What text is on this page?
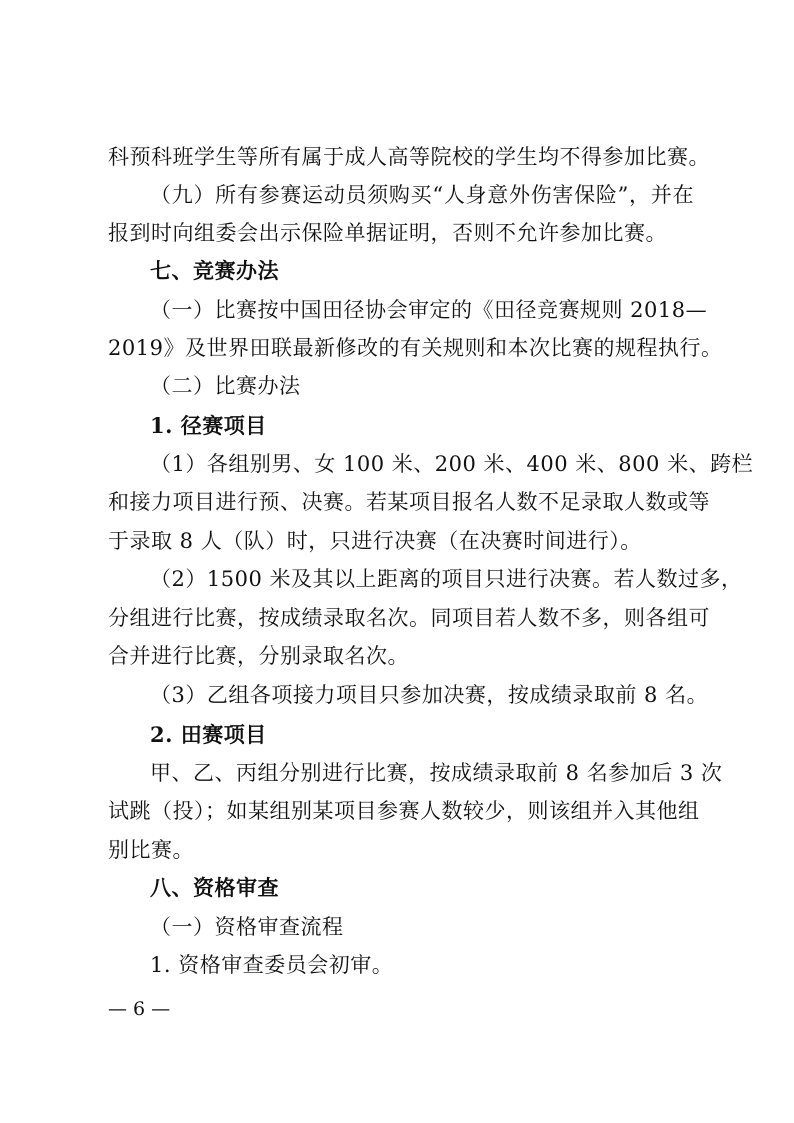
科预科班学生等所有属于成人高等院校的学生均不得参加比赛。
（九）所有参赛运动员须购买“人身意外伤害保险”，并在
报到时向组委会出示保险单据证明，否则不允许参加比赛。
七、竞赛办法
（一）比赛按中国田径协会审定的《田径竞赛规则 2018—
2019》及世界田联最新修改的有关规则和本次比赛的规程执行。
（二）比赛办法
1. 径赛项目
（1）各组别男、女 100 米、200 米、400 米、800 米、跨栏
和接力项目进行预、决赛。若某项目报名人数不足录取人数或等
于录取 8 人（队）时，只进行决赛（在决赛时间进行）。
（2）1500 米及其以上距离的项目只进行决赛。若人数过多，
分组进行比赛，按成绩录取名次。同项目若人数不多，则各组可
合并进行比赛，分别录取名次。
（3）乙组各项接力项目只参加决赛，按成绩录取前 8 名。
2. 田赛项目
甲、乙、丙组分别进行比赛，按成绩录取前 8 名参加后 3 次
试跳（投）；如某组别某项目参赛人数较少，则该组并入其他组
别比赛。
八、资格审查
（一）资格审查流程
1. 资格审查委员会初审。
— 6 —
